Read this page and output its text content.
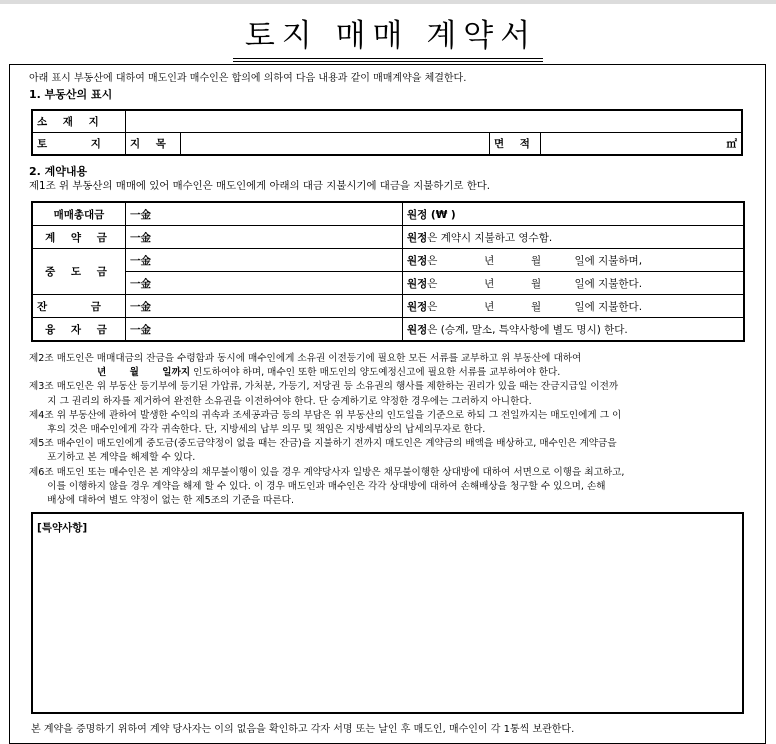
토지 매매 계약서
아래 표시 부동산에 대하여 매도인과 매수인은 합의에 의하여 다음 내용과 같이 매매계약을 체결한다.
1. 부동산의 표시
소 재 지				
토 지	지 목		면 적	㎡
2. 계약내용
제1조 위 부동산의 매매에 있어 매수인은 매도인에게 아래의 대금 지불시기에 대금을 지불하기로 한다.
매매총대금	一金	원정 (₩ )
계 약 금	一金	원정은 계약시 지불하고 영수함.
중 도 금	一金	원정은              년           월          일에 지불하며,
	一金	원정은              년           월          일에 지불한다.
잔 금	一金	원정은              년           월          일에 지불한다.
융 자 금	一金	원정은 (승계, 말소, 특약사항에 별도 명시) 한다.
제2조 매도인은 매매대금의 잔금을 수령함과 동시에 매수인에게 소유권 이전등기에 필요한 모든 서류를 교부하고 위 부동산에 대하여
년       월       일까지 인도하여야 하며, 매수인 또한 매도인의 양도예정신고에 필요한 서류를 교부하여야 한다.
제3조 매도인은 위 부동산 등기부에 등기된 가압류, 가처분, 가등기, 저당권 등 소유권의 행사를 제한하는 권리가 있을 때는 잔금지급일 이전까
지 그 권리의 하자를 제거하여 완전한 소유권을 이전하여야 한다. 단 승계하기로 약정한 경우에는 그러하지 아니한다.
제4조 위 부동산에 관하여 발생한 수익의 귀속과 조세공과금 등의 부담은 위 부동산의 인도일을 기준으로 하되 그 전일까지는 매도인에게 그 이
후의 것은 매수인에게 각각 귀속한다. 단, 지방세의 납부 의무 및 책임은 지방세법상의 납세의무자로 한다.
제5조 매수인이 매도인에게 중도금(중도금약정이 없을 때는 잔금)을 지불하기 전까지 매도인은 계약금의 배액을 배상하고, 매수인은 계약금을
포기하고 본 계약을 해제할 수 있다.
제6조 매도인 또는 매수인은 본 계약상의 채무불이행이 있을 경우 계약당사자 일방은 채무불이행한 상대방에 대하여 서면으로 이행을 최고하고,
이를 이행하지 않을 경우 계약을 해제 할 수 있다. 이 경우 매도인과 매수인은 각각 상대방에 대하여 손해배상을 청구할 수 있으며, 손해
배상에 대하여 별도 약정이 없는 한 제5조의 기준을 따른다.
[특약사항]
본 계약을 증명하기 위하여 계약 당사자는 이의 없음을 확인하고 각자 서명 또는 날인 후 매도인, 매수인이 각 1통씩 보관한다.
